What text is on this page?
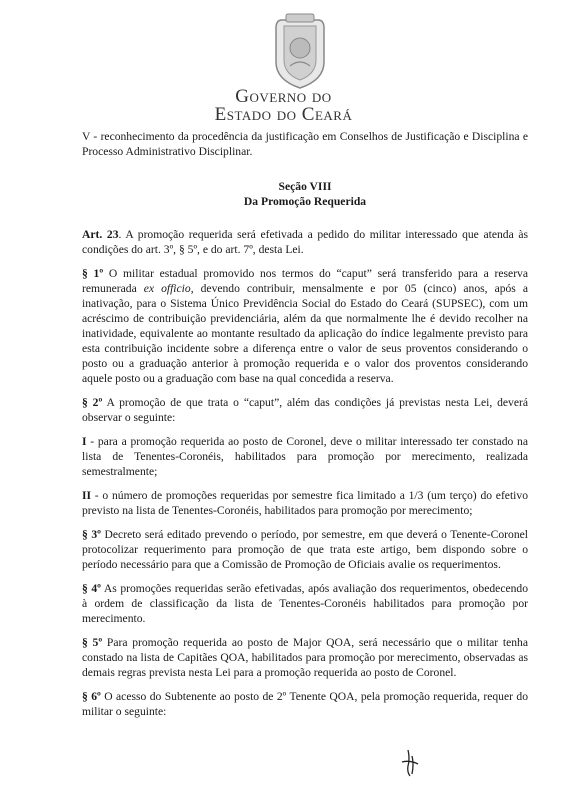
Governo do
Estado do Ceará

V - reconhecimento da procedência da justificação em Conselhos de Justificação e Disciplina e Processo Administrativo Disciplinar.

Seção VIII

Da Promoção Requerida

Art. 23. A promoção requerida será efetivada a pedido do militar interessado que atenda às condições do art. 3º, § 5º, e do art. 7º, desta Lei.

§ 1º O militar estadual promovido nos termos do “caput” será transferido para a reserva remunerada ex officio, devendo contribuir, mensalmente e por 05 (cinco) anos, após a inativação, para o Sistema Único Previdência Social do Estado do Ceará (SUPSEC), com um acréscimo de contribuição previdenciária, além da que normalmente lhe é devido recolher na inatividade, equivalente ao montante resultado da aplicação do índice legalmente previsto para esta contribuição incidente sobre a diferença entre o valor de seus proventos considerando o posto ou a graduação anterior à promoção requerida e o valor dos proventos considerando aquele posto ou a graduação com base na qual concedida a reserva.

§ 2º A promoção de que trata o “caput”, além das condições já previstas nesta Lei, deverá observar o seguinte:

I - para a promoção requerida ao posto de Coronel, deve o militar interessado ter constado na lista de Tenentes-Coronéis, habilitados para promoção por merecimento, realizada semestralmente;

II - o número de promoções requeridas por semestre fica limitado a 1/3 (um terço) do efetivo previsto na lista de Tenentes-Coronéis, habilitados para promoção por merecimento;

§ 3º Decreto será editado prevendo o período, por semestre, em que deverá o Tenente-Coronel protocolizar requerimento para promoção de que trata este artigo, bem dispondo sobre o período necessário para que a Comissão de Promoção de Oficiais avalie os requerimentos.

§ 4º As promoções requeridas serão efetivadas, após avaliação dos requerimentos, obedecendo à ordem de classificação da lista de Tenentes-Coronéis habilitados para promoção por merecimento.

§ 5º Para promoção requerida ao posto de Major QOA, será necessário que o militar tenha constado na lista de Capitães QOA, habilitados para promoção por merecimento, observadas as demais regras prevista nesta Lei para a promoção requerida ao posto de Coronel.

§ 6º O acesso do Subtenente ao posto de 2º Tenente QOA, pela promoção requerida, requer do militar o seguinte:
